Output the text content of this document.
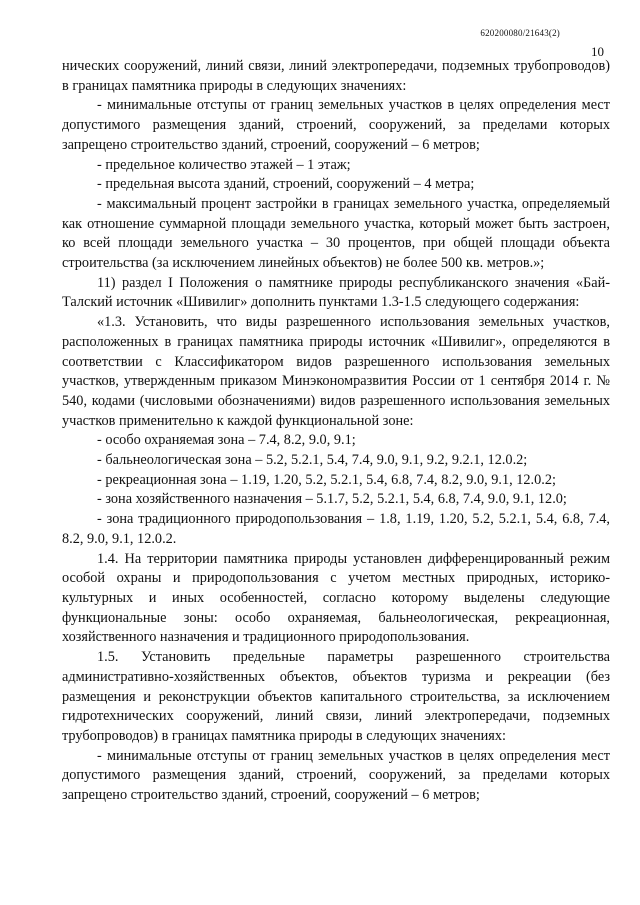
620200080/21643(2)
10

нических сооружений, линий связи, линий электропередачи, подземных трубопроводов) в границах памятника природы в следующих значениях:

- минимальные отступы от границ земельных участков в целях определения мест допустимого размещения зданий, строений, сооружений, за пределами которых запрещено строительство зданий, строений, сооружений – 6 метров;

- предельное количество этажей – 1 этаж;

- предельная высота зданий, строений, сооружений – 4 метра;

- максимальный процент застройки в границах земельного участка, определяемый как отношение суммарной площади земельного участка, который может быть застроен, ко всей площади земельного участка – 30 процентов, при общей площади объекта строительства (за исключением линейных объектов) не более 500 кв. метров.»;

11) раздел I Положения о памятнике природы республиканского значения «Бай-Талский источник «Шивилиг» дополнить пунктами 1.3-1.5 следующего содержания:

«1.3. Установить, что виды разрешенного использования земельных участков, расположенных в границах памятника природы источник «Шивилиг», определяются в соответствии с Классификатором видов разрешенного использования земельных участков, утвержденным приказом Минэкономразвития России от 1 сентября 2014 г. № 540, кодами (числовыми обозначениями) видов разрешенного использования земельных участков применительно к каждой функциональной зоне:

- особо охраняемая зона – 7.4, 8.2, 9.0, 9.1;

- бальнеологическая зона – 5.2, 5.2.1, 5.4, 7.4, 9.0, 9.1, 9.2, 9.2.1, 12.0.2;

- рекреационная зона – 1.19, 1.20, 5.2, 5.2.1, 5.4, 6.8, 7.4, 8.2, 9.0, 9.1, 12.0.2;

- зона хозяйственного назначения – 5.1.7, 5.2, 5.2.1, 5.4, 6.8, 7.4, 9.0, 9.1, 12.0;

- зона традиционного природопользования – 1.8, 1.19, 1.20, 5.2, 5.2.1, 5.4, 6.8, 7.4, 8.2, 9.0, 9.1, 12.0.2.

1.4. На территории памятника природы установлен дифференцированный режим особой охраны и природопользования с учетом местных природных, историко-культурных и иных особенностей, согласно которому выделены следующие функциональные зоны: особо охраняемая, бальнеологическая, рекреационная, хозяйственного назначения и традиционного природопользования.

1.5. Установить предельные параметры разрешенного строительства административно-хозяйственных объектов, объектов туризма и рекреации (без размещения и реконструкции объектов капитального строительства, за исключением гидротехнических сооружений, линий связи, линий электропередачи, подземных трубопроводов) в границах памятника природы в следующих значениях:

- минимальные отступы от границ земельных участков в целях определения мест допустимого размещения зданий, строений, сооружений, за пределами которых запрещено строительство зданий, строений, сооружений – 6 метров;
